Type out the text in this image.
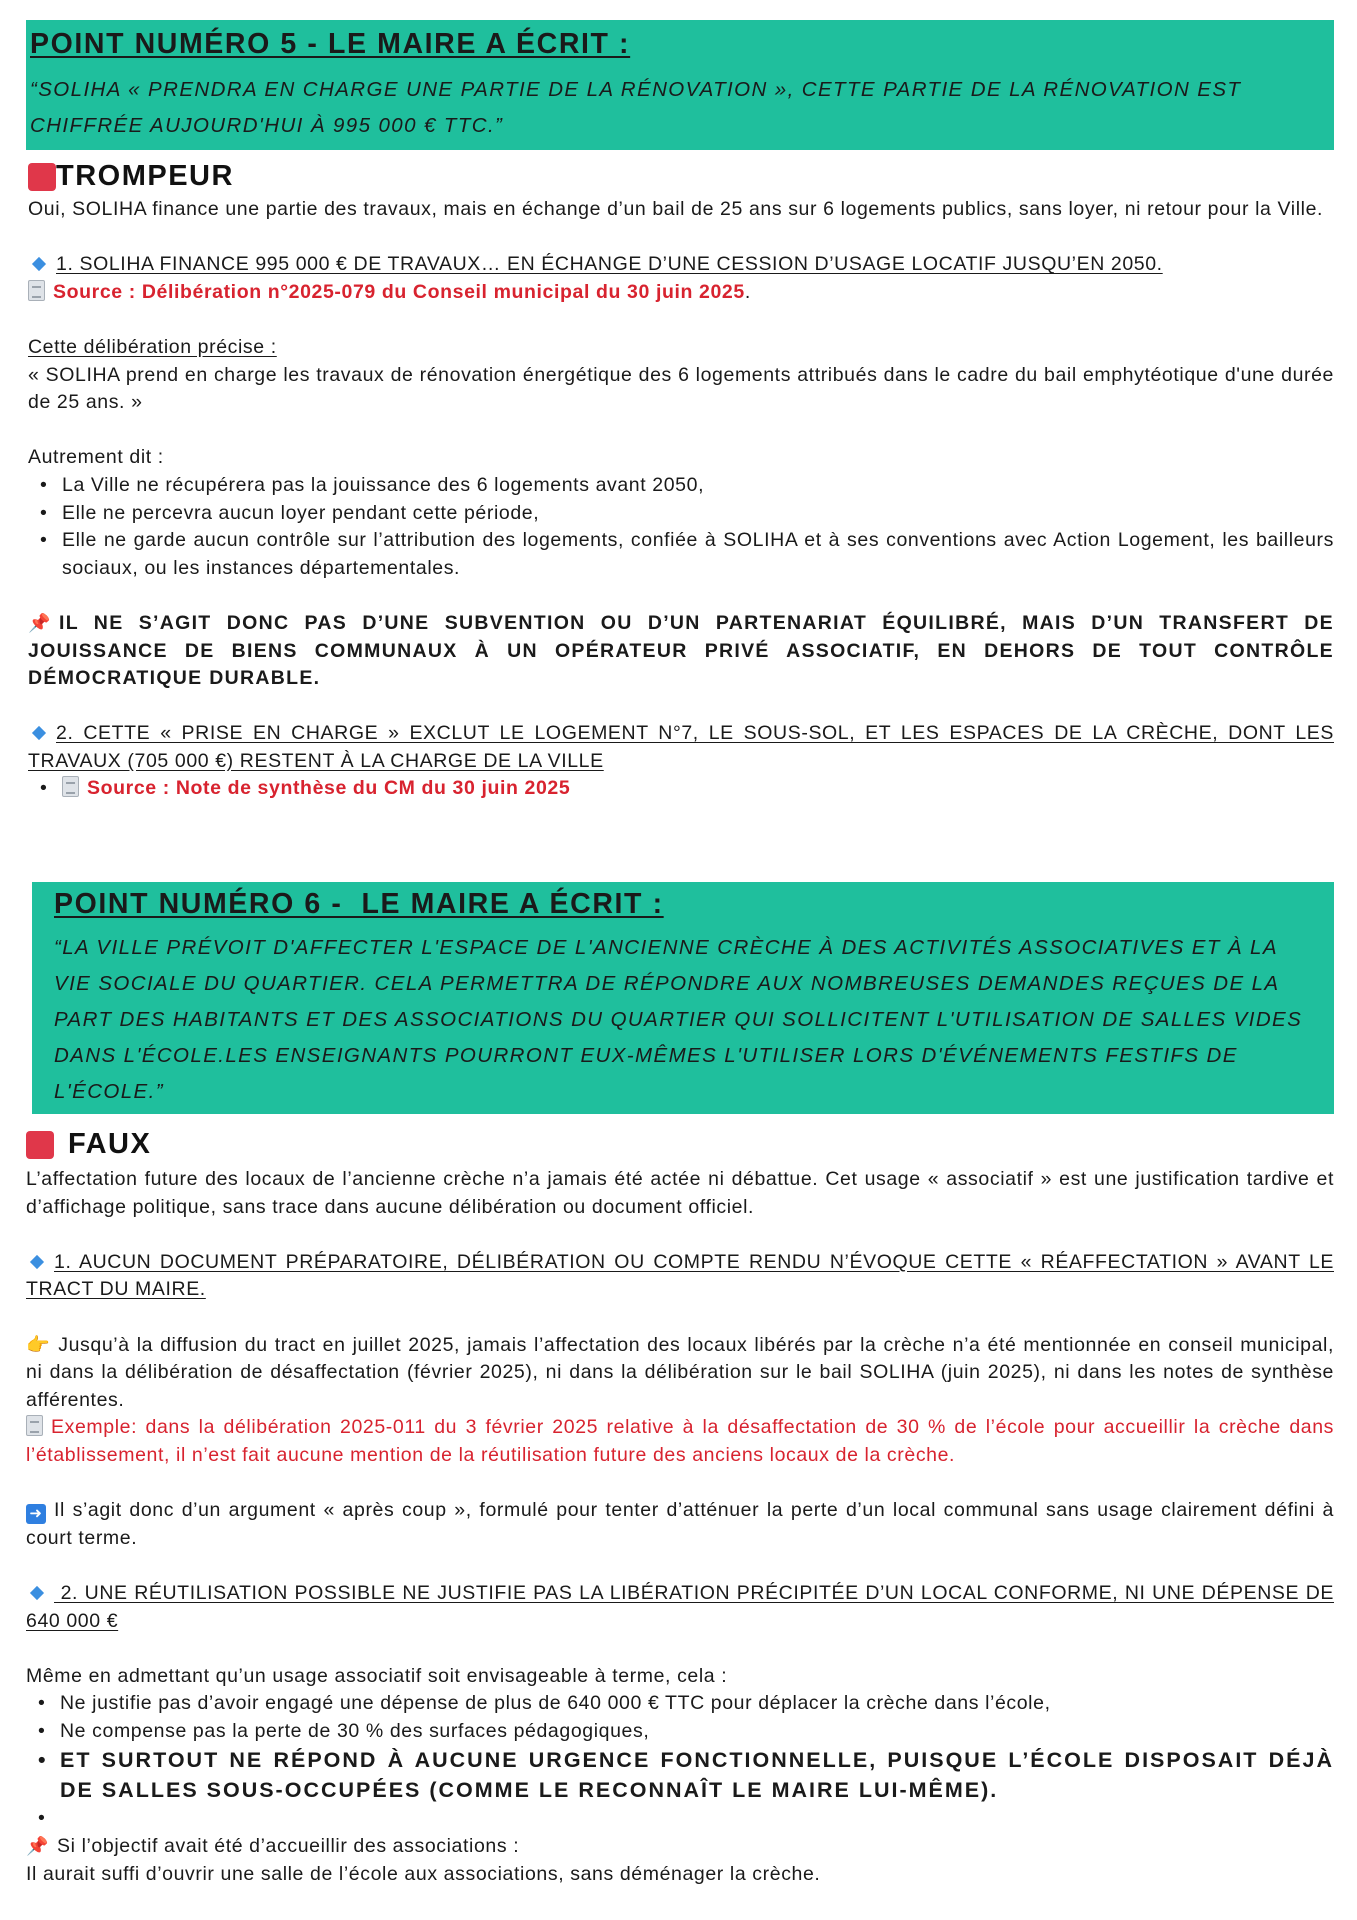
POINT NUMÉRO 5 - LE MAIRE A ÉCRIT :
“SOLIHA « PRENDRA EN CHARGE UNE PARTIE DE LA RÉNOVATION », CETTE PARTIE DE LA RÉNOVATION EST
CHIFFRÉE AUJOURD'HUI À 995 000 € TTC.”
TROMPEUR

Oui, SOLIHA finance une partie des travaux, mais en échange d’un bail de 25 ans sur 6 logements publics, sans loyer, ni retour pour la Ville.

1. SOLIHA FINANCE 995 000 € DE TRAVAUX… EN ÉCHANGE D’UNE CESSION D’USAGE LOCATIF JUSQU’EN 2050.

Source : Délibération n°2025-079 du Conseil municipal du 30 juin 2025.

Cette délibération précise :

« SOLIHA prend en charge les travaux de rénovation énergétique des 6 logements attribués dans le cadre du bail emphytéotique d'une durée de 25 ans. »

Autrement dit :

• La Ville ne récupérera pas la jouissance des 6 logements avant 2050,
• Elle ne percevra aucun loyer pendant cette période,
• Elle ne garde aucun contrôle sur l’attribution des logements, confiée à SOLIHA et à ses conventions avec Action Logement, les bailleurs sociaux, ou les instances départementales.

📌 IL NE S’AGIT DONC PAS D’UNE SUBVENTION OU D’UN PARTENARIAT ÉQUILIBRÉ, MAIS D’UN TRANSFERT DE JOUISSANCE DE BIENS COMMUNAUX À UN OPÉRATEUR PRIVÉ ASSOCIATIF, EN DEHORS DE TOUT CONTRÔLE DÉMOCRATIQUE DURABLE.

2. CETTE « PRISE EN CHARGE » EXCLUT LE LOGEMENT N°7, LE SOUS-SOL, ET LES ESPACES DE LA CRÈCHE, DONT LES TRAVAUX (705 000 €) RESTENT À LA CHARGE DE LA VILLE

• Source : Note de synthèse du CM du 30 juin 2025
POINT NUMÉRO 6 -  LE MAIRE A ÉCRIT :
“LA VILLE PRÉVOIT D'AFFECTER L'ESPACE DE L'ANCIENNE CRÈCHE À DES ACTIVITÉS ASSOCIATIVES ET À LA
VIE SOCIALE DU QUARTIER. CELA PERMETTRA DE RÉPONDRE AUX NOMBREUSES DEMANDES REÇUES DE LA
PART DES HABITANTS ET DES ASSOCIATIONS DU QUARTIER QUI SOLLICITENT L'UTILISATION DE SALLES VIDES
DANS L'ÉCOLE.LES ENSEIGNANTS POURRONT EUX-MÊMES L'UTILISER LORS D'ÉVÉNEMENTS FESTIFS DE
L'ÉCOLE.”
FAUX

L’affectation future des locaux de l’ancienne crèche n’a jamais été actée ni débattue. Cet usage « associatif » est une justification tardive et d’affichage politique, sans trace dans aucune délibération ou document officiel.

1. AUCUN DOCUMENT PRÉPARATOIRE, DÉLIBÉRATION OU COMPTE RENDU N’ÉVOQUE CETTE « RÉAFFECTATION » AVANT LE TRACT DU MAIRE.

👉 Jusqu’à la diffusion du tract en juillet 2025, jamais l’affectation des locaux libérés par la crèche n’a été mentionnée en conseil municipal, ni dans la délibération de désaffectation (février 2025), ni dans la délibération sur le bail SOLIHA (juin 2025), ni dans les notes de synthèse afférentes.

Exemple: dans la délibération 2025-011 du 3 février 2025 relative à la désaffectation de 30 % de l’école pour accueillir la crèche dans l’établissement, il n’est fait aucune mention de la réutilisation future des anciens locaux de la crèche.

➜ Il s’agit donc d’un argument « après coup », formulé pour tenter d’atténuer la perte d’un local communal sans usage clairement défini à court terme.

2. UNE RÉUTILISATION POSSIBLE NE JUSTIFIE PAS LA LIBÉRATION PRÉCIPITÉE D’UN LOCAL CONFORME, NI UNE DÉPENSE DE 640 000 €

Même en admettant qu’un usage associatif soit envisageable à terme, cela :

• Ne justifie pas d’avoir engagé une dépense de plus de 640 000 € TTC pour déplacer la crèche dans l’école,
• Ne compense pas la perte de 30 % des surfaces pédagogiques,
• ET SURTOUT NE RÉPOND À AUCUNE URGENCE FONCTIONNELLE, PUISQUE L’ÉCOLE DISPOSAIT DÉJÀ DE SALLES SOUS-OCCUPÉES (COMME LE RECONNAÎT LE MAIRE LUI-MÊME).
•

📌 Si l’objectif avait été d’accueillir des associations :

Il aurait suffi d’ouvrir une salle de l’école aux associations, sans déménager la crèche.
